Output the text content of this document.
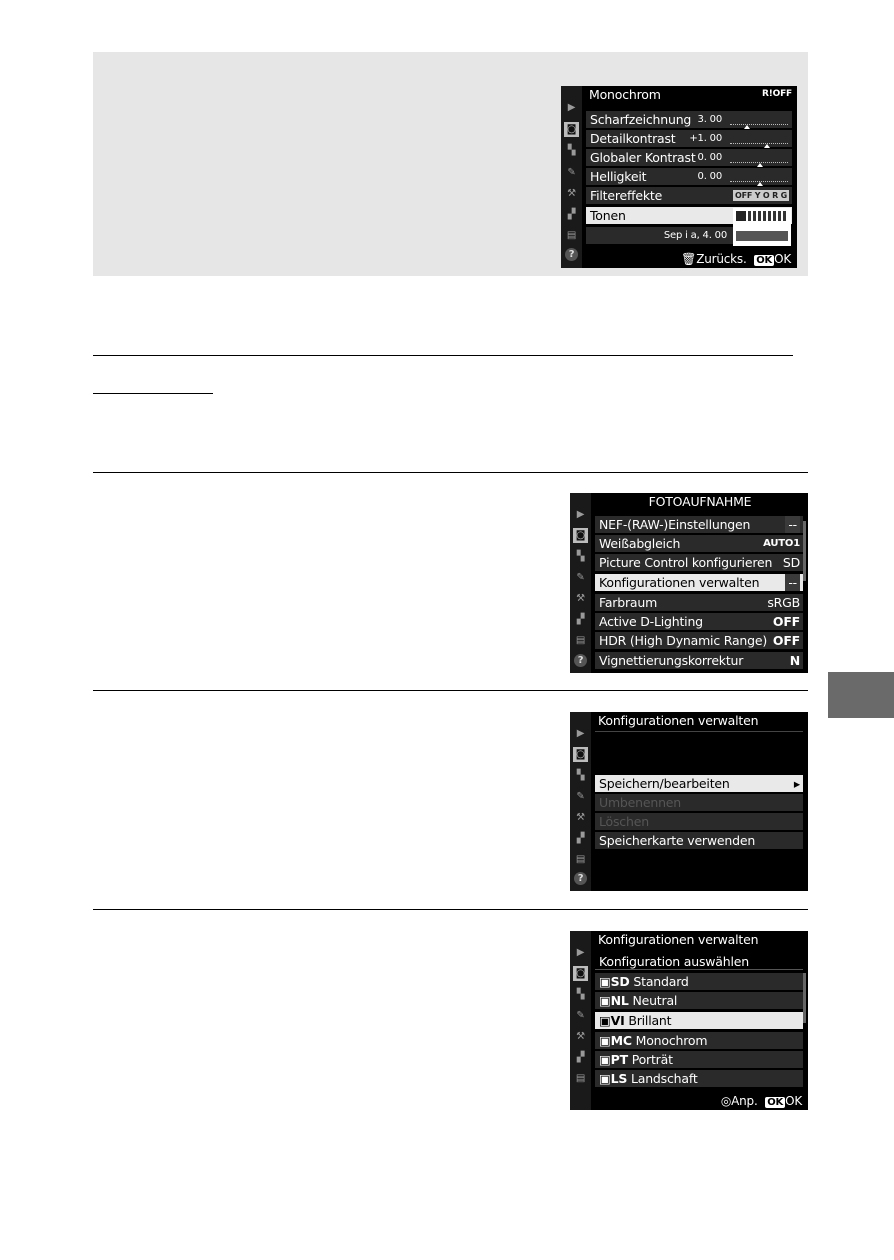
▶
◙
▚
✎
⚒
▞
▤
?
Monochrom	R!OFF
Scharfzeichnung 3. 00
Detailkontrast +1. 00
Globaler Kontrast 0. 00
Helligkeit	0. 00
Filtereffekte	OFF Y O R G
Tonen
Sep i a, 4. 00
🗑Zurücks. OK OK
▶
◙
▚
✎
⚒
▞
▤
?
FOTOAUFNAHME
NEF-(RAW-)Einstellungen	--
Weißabgleich	AUTO1
Picture Control konfigurieren SD
Konfigurationen verwalten --
Farbraum	sRGB
Active D-Lighting	OFF
HDR (High Dynamic Range) OFF
Vignettierungskorrektur	N
▶
◙
▚
✎
⚒
▞
▤
?
Konfigurationen verwalten
Speichern/bearbeiten	▸
Umbenennen
Löschen
Speicherkarte verwenden
▶
◙
▚
✎
⚒
▞
▤
Konfigurationen verwalten
Konfiguration auswählen
▣SD Standard
▣NL Neutral
▣VI Brillant
▣MC Monochrom
▣PT Porträt
▣LS Landschaft
◎Anp. OK OK
